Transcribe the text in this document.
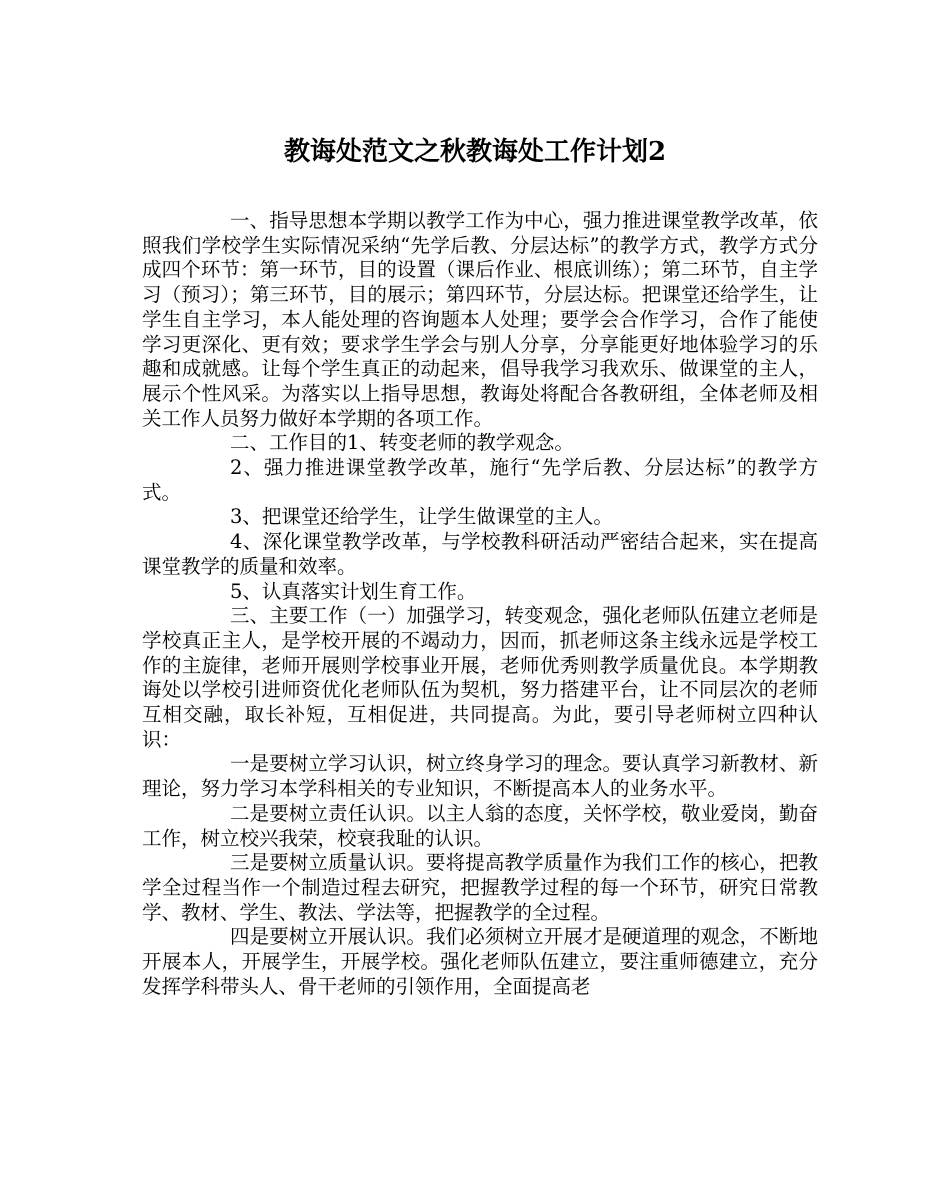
教诲处范文之秋教诲处工作计划2

一、指导思想本学期以教学工作为中心，强力推进课堂教学改革，依照我们学校学生实际情况采纳“先学后教、分层达标”的教学方式，教学方式分成四个环节：第一环节，目的设置（课后作业、根底训练）；第二环节，自主学习（预习）；第三环节，目的展示；第四环节，分层达标。把课堂还给学生，让学生自主学习，本人能处理的咨询题本人处理；要学会合作学习，合作了能使学习更深化、更有效；要求学生学会与别人分享，分享能更好地体验学习的乐趣和成就感。让每个学生真正的动起来，倡导我学习我欢乐、做课堂的主人，展示个性风采。为落实以上指导思想，教诲处将配合各教研组，全体老师及相关工作人员努力做好本学期的各项工作。

二、工作目的1、转变老师的教学观念。

2、强力推进课堂教学改革，施行“先学后教、分层达标”的教学方式。

3、把课堂还给学生，让学生做课堂的主人。

4、深化课堂教学改革，与学校教科研活动严密结合起来，实在提高课堂教学的质量和效率。

5、认真落实计划生育工作。

三、主要工作（一）加强学习，转变观念，强化老师队伍建立老师是学校真正主人，是学校开展的不竭动力，因而，抓老师这条主线永远是学校工作的主旋律，老师开展则学校事业开展，老师优秀则教学质量优良。本学期教诲处以学校引进师资优化老师队伍为契机，努力搭建平台，让不同层次的老师互相交融，取长补短，互相促进，共同提高。为此，要引导老师树立四种认识：

一是要树立学习认识，树立终身学习的理念。要认真学习新教材、新理论，努力学习本学科相关的专业知识，不断提高本人的业务水平。

二是要树立责任认识。以主人翁的态度，关怀学校，敬业爱岗，勤奋工作，树立校兴我荣，校衰我耻的认识。

三是要树立质量认识。要将提高教学质量作为我们工作的核心，把教学全过程当作一个制造过程去研究，把握教学过程的每一个环节，研究日常教学、教材、学生、教法、学法等，把握教学的全过程。

四是要树立开展认识。我们必须树立开展才是硬道理的观念，不断地开展本人，开展学生，开展学校。强化老师队伍建立，要注重师德建立，充分发挥学科带头人、骨干老师的引领作用，全面提高老
